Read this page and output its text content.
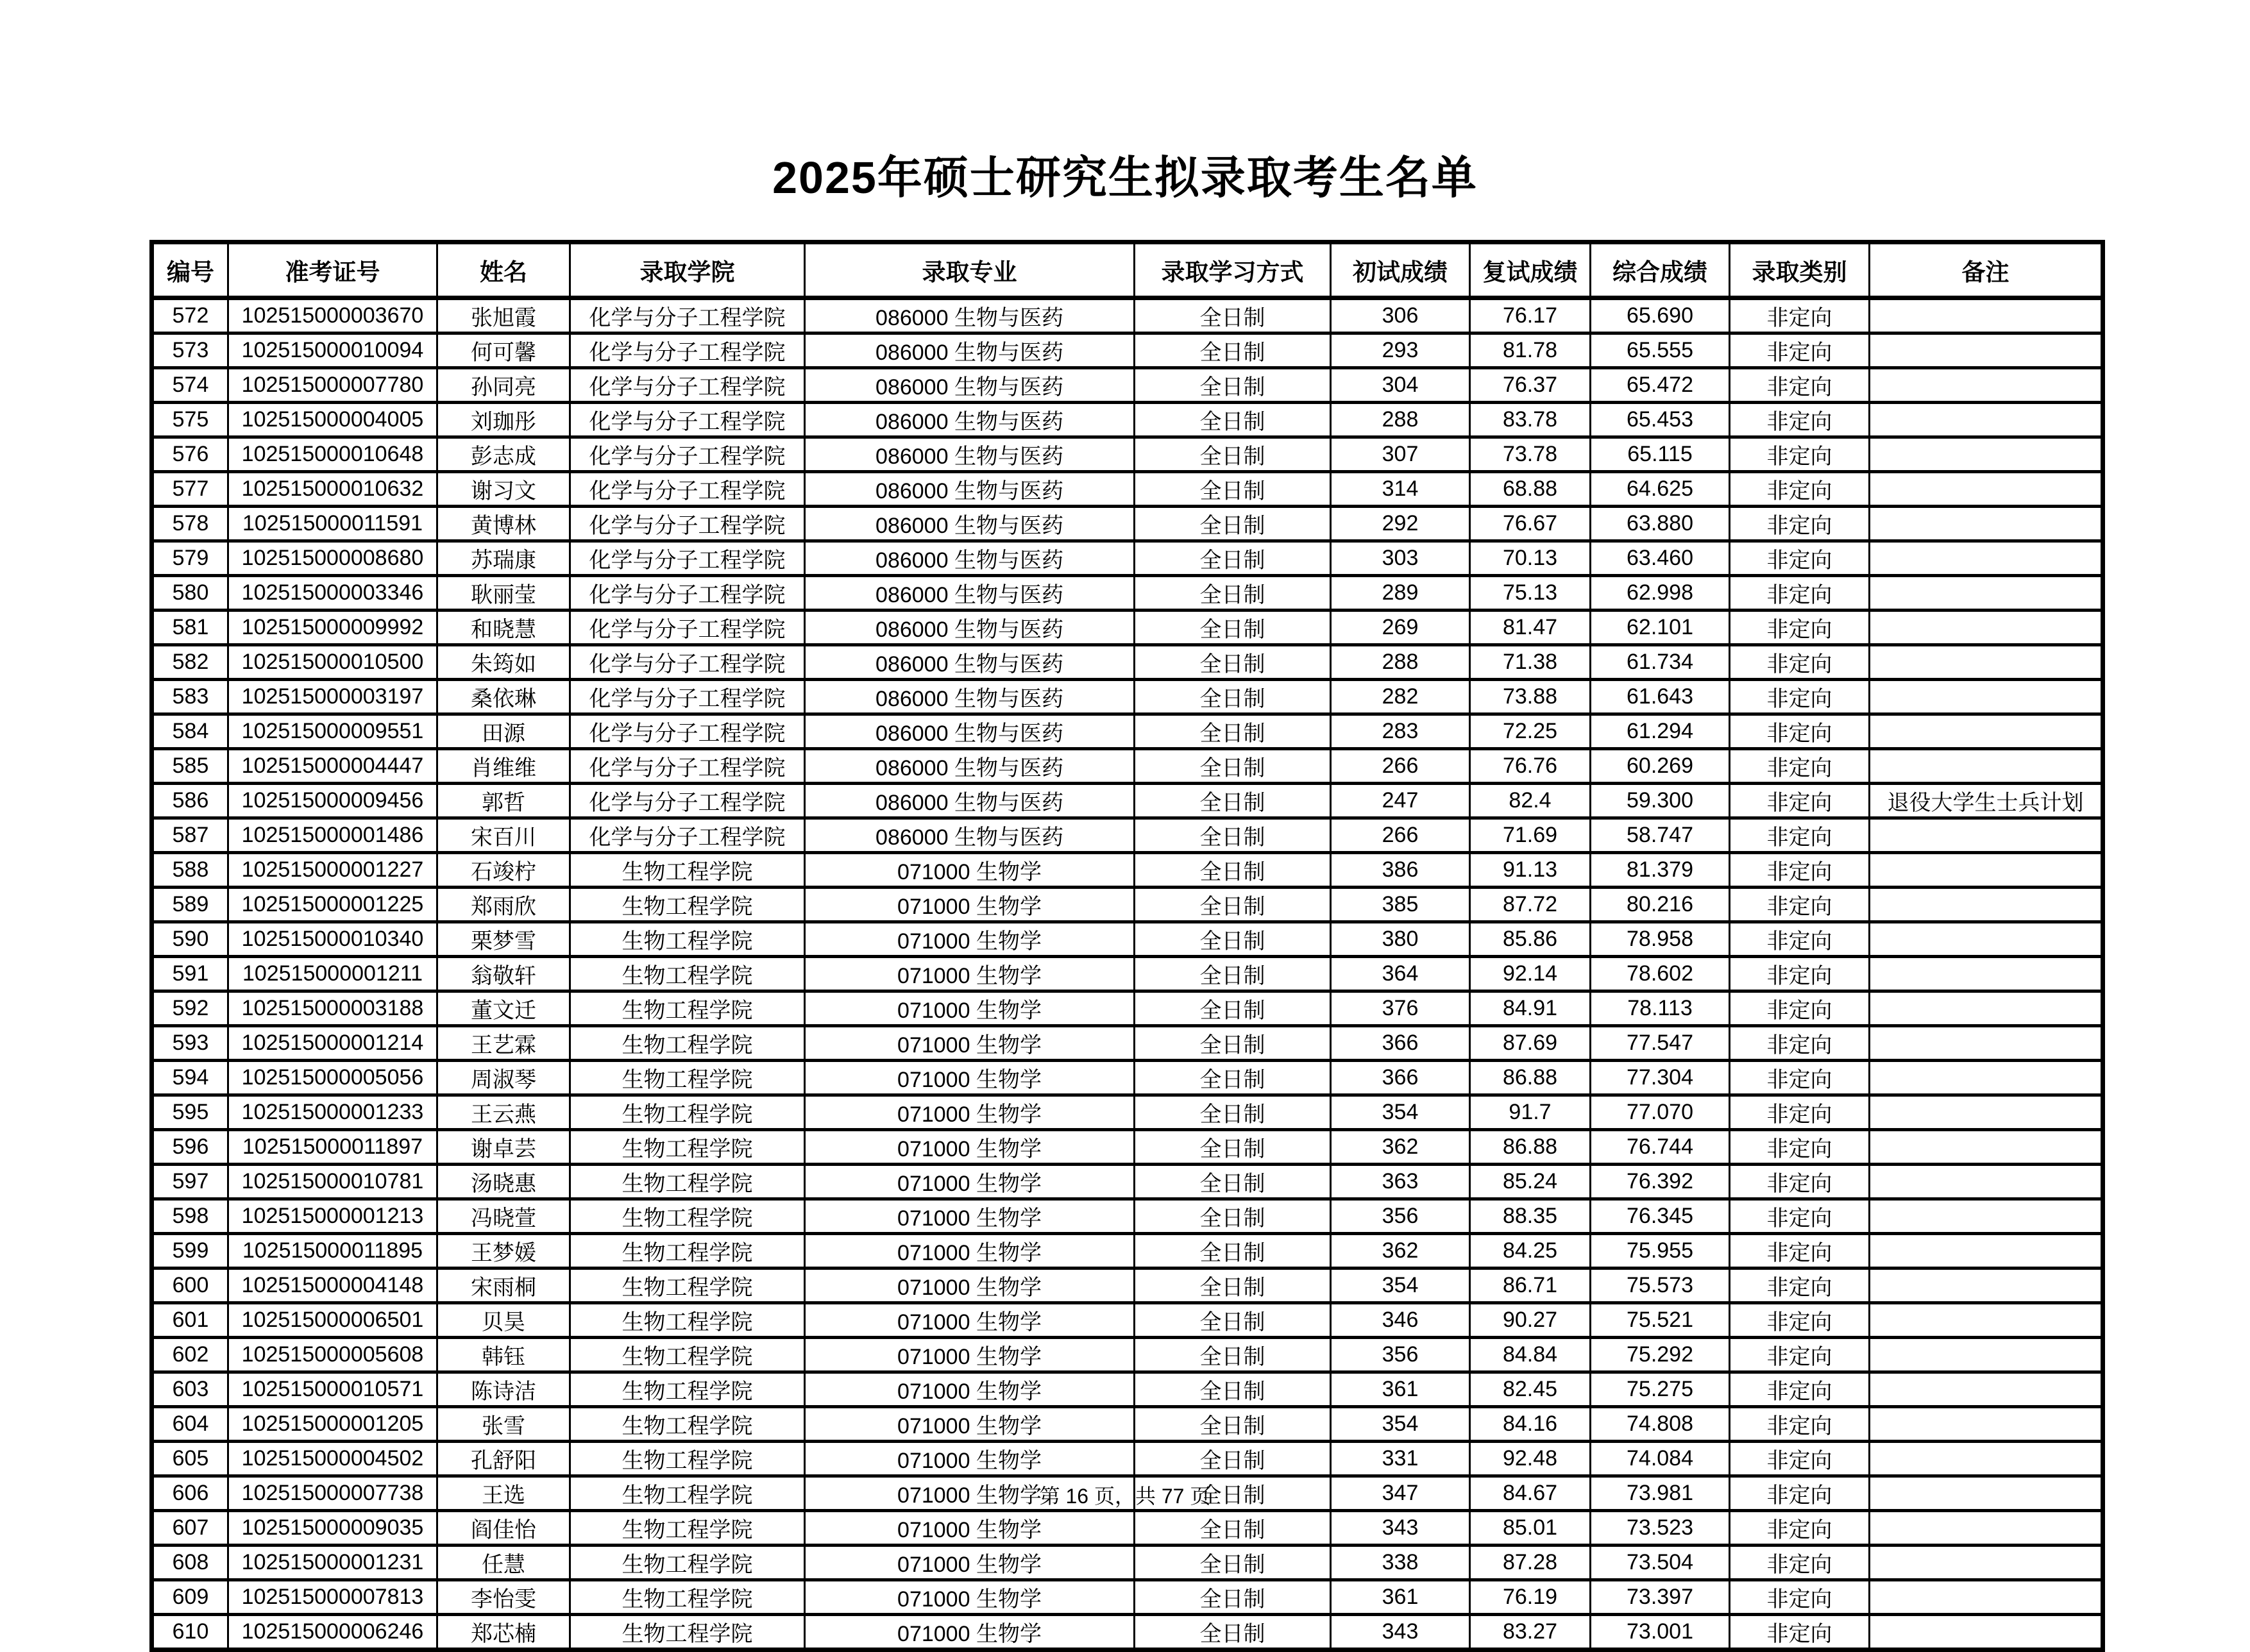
2025年硕士研究生拟录取考生名单
编号	准考证号	姓名	录取学院	录取专业	录取学习方式	初试成绩	复试成绩	综合成绩	录取类别	备注
572	102515000003670	张旭霞	化学与分子工程学院	086000 生物与医药	全日制	306	76.17	65.690	非定向	
573	102515000010094	何可馨	化学与分子工程学院	086000 生物与医药	全日制	293	81.78	65.555	非定向	
574	102515000007780	孙同亮	化学与分子工程学院	086000 生物与医药	全日制	304	76.37	65.472	非定向	
575	102515000004005	刘珈彤	化学与分子工程学院	086000 生物与医药	全日制	288	83.78	65.453	非定向	
576	102515000010648	彭志成	化学与分子工程学院	086000 生物与医药	全日制	307	73.78	65.115	非定向	
577	102515000010632	谢习文	化学与分子工程学院	086000 生物与医药	全日制	314	68.88	64.625	非定向	
578	102515000011591	黄博林	化学与分子工程学院	086000 生物与医药	全日制	292	76.67	63.880	非定向	
579	102515000008680	苏瑞康	化学与分子工程学院	086000 生物与医药	全日制	303	70.13	63.460	非定向	
580	102515000003346	耿丽莹	化学与分子工程学院	086000 生物与医药	全日制	289	75.13	62.998	非定向	
581	102515000009992	和晓慧	化学与分子工程学院	086000 生物与医药	全日制	269	81.47	62.101	非定向	
582	102515000010500	朱筠如	化学与分子工程学院	086000 生物与医药	全日制	288	71.38	61.734	非定向	
583	102515000003197	桑依琳	化学与分子工程学院	086000 生物与医药	全日制	282	73.88	61.643	非定向	
584	102515000009551	田源	化学与分子工程学院	086000 生物与医药	全日制	283	72.25	61.294	非定向	
585	102515000004447	肖维维	化学与分子工程学院	086000 生物与医药	全日制	266	76.76	60.269	非定向	
586	102515000009456	郭哲	化学与分子工程学院	086000 生物与医药	全日制	247	82.4	59.300	非定向	退役大学生士兵计划
587	102515000001486	宋百川	化学与分子工程学院	086000 生物与医药	全日制	266	71.69	58.747	非定向	
588	102515000001227	石竣柠	生物工程学院	071000 生物学	全日制	386	91.13	81.379	非定向	
589	102515000001225	郑雨欣	生物工程学院	071000 生物学	全日制	385	87.72	80.216	非定向	
590	102515000010340	栗梦雪	生物工程学院	071000 生物学	全日制	380	85.86	78.958	非定向	
591	102515000001211	翁敬轩	生物工程学院	071000 生物学	全日制	364	92.14	78.602	非定向	
592	102515000003188	董文迁	生物工程学院	071000 生物学	全日制	376	84.91	78.113	非定向	
593	102515000001214	王艺霖	生物工程学院	071000 生物学	全日制	366	87.69	77.547	非定向	
594	102515000005056	周淑琴	生物工程学院	071000 生物学	全日制	366	86.88	77.304	非定向	
595	102515000001233	王云燕	生物工程学院	071000 生物学	全日制	354	91.7	77.070	非定向	
596	102515000011897	谢卓芸	生物工程学院	071000 生物学	全日制	362	86.88	76.744	非定向	
597	102515000010781	汤晓惠	生物工程学院	071000 生物学	全日制	363	85.24	76.392	非定向	
598	102515000001213	冯晓萱	生物工程学院	071000 生物学	全日制	356	88.35	76.345	非定向	
599	102515000011895	王梦媛	生物工程学院	071000 生物学	全日制	362	84.25	75.955	非定向	
600	102515000004148	宋雨桐	生物工程学院	071000 生物学	全日制	354	86.71	75.573	非定向	
601	102515000006501	贝昊	生物工程学院	071000 生物学	全日制	346	90.27	75.521	非定向	
602	102515000005608	韩钰	生物工程学院	071000 生物学	全日制	356	84.84	75.292	非定向	
603	102515000010571	陈诗洁	生物工程学院	071000 生物学	全日制	361	82.45	75.275	非定向	
604	102515000001205	张雪	生物工程学院	071000 生物学	全日制	354	84.16	74.808	非定向	
605	102515000004502	孔舒阳	生物工程学院	071000 生物学	全日制	331	92.48	74.084	非定向	
606	102515000007738	王选	生物工程学院	071000 生物学	全日制	347	84.67	73.981	非定向	
607	102515000009035	阎佳怡	生物工程学院	071000 生物学	全日制	343	85.01	73.523	非定向	
608	102515000001231	任慧	生物工程学院	071000 生物学	全日制	338	87.28	73.504	非定向	
609	102515000007813	李怡雯	生物工程学院	071000 生物学	全日制	361	76.19	73.397	非定向	
610	102515000006246	郑芯楠	生物工程学院	071000 生物学	全日制	343	83.27	73.001	非定向	
第 16 页，共 77 页
